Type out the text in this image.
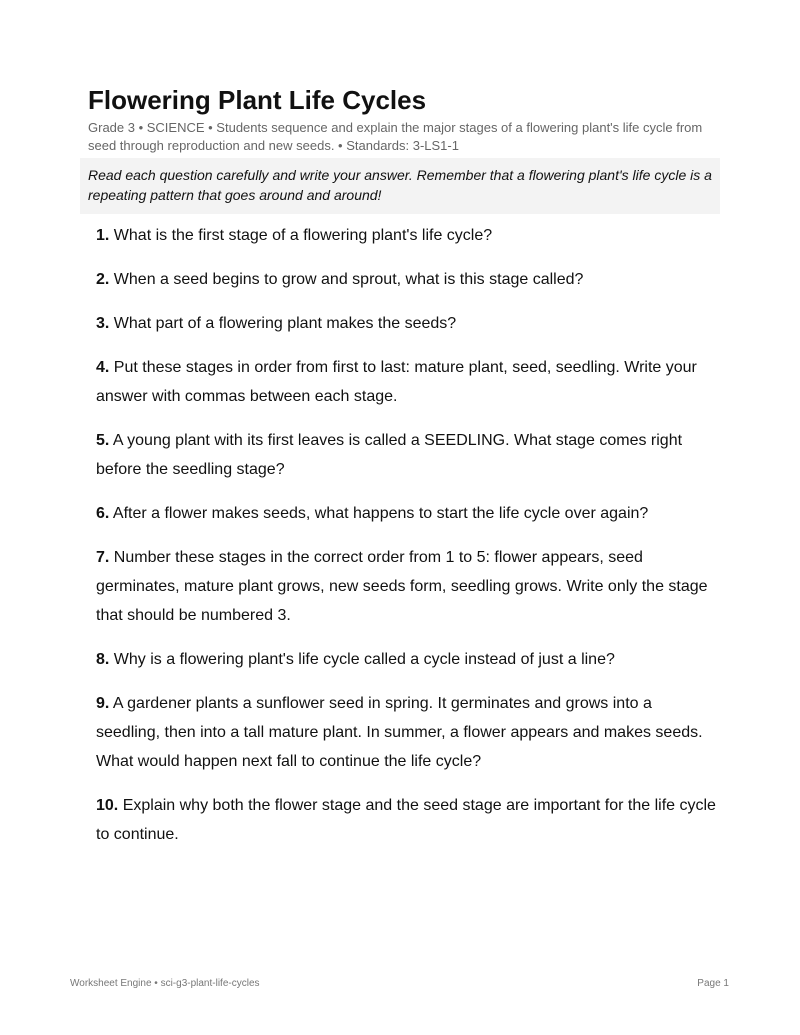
Flowering Plant Life Cycles
Grade 3 • SCIENCE • Students sequence and explain the major stages of a flowering plant's life cycle from seed through reproduction and new seeds. • Standards: 3-LS1-1
Read each question carefully and write your answer. Remember that a flowering plant's life cycle is a repeating pattern that goes around and around!
1. What is the first stage of a flowering plant's life cycle?
2. When a seed begins to grow and sprout, what is this stage called?
3. What part of a flowering plant makes the seeds?
4. Put these stages in order from first to last: mature plant, seed, seedling. Write your answer with commas between each stage.
5. A young plant with its first leaves is called a SEEDLING. What stage comes right before the seedling stage?
6. After a flower makes seeds, what happens to start the life cycle over again?
7. Number these stages in the correct order from 1 to 5: flower appears, seed germinates, mature plant grows, new seeds form, seedling grows. Write only the stage that should be numbered 3.
8. Why is a flowering plant's life cycle called a cycle instead of just a line?
9. A gardener plants a sunflower seed in spring. It germinates and grows into a seedling, then into a tall mature plant. In summer, a flower appears and makes seeds. What would happen next fall to continue the life cycle?
10. Explain why both the flower stage and the seed stage are important for the life cycle to continue.
Worksheet Engine • sci-g3-plant-life-cycles	Page 1
